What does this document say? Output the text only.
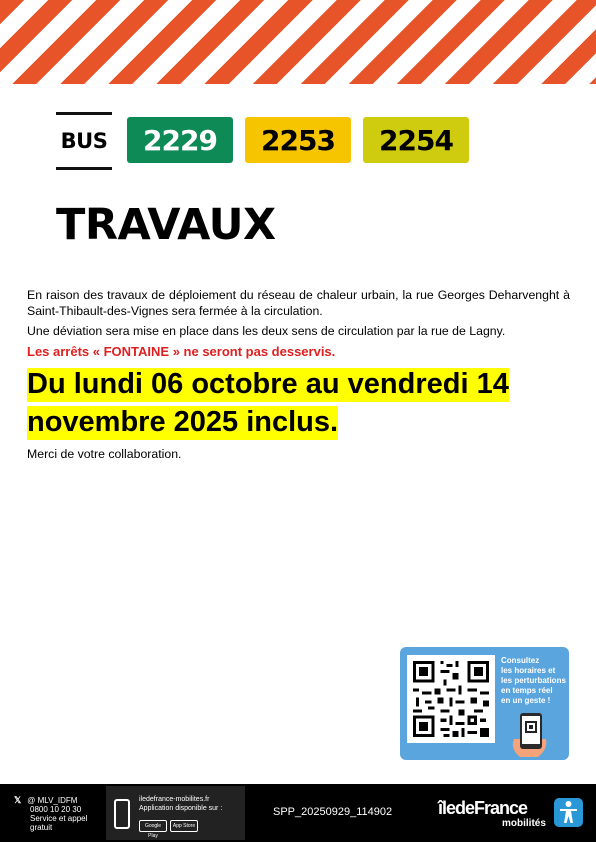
BUS	2229	2253	2254
TRAVAUX

En raison des travaux de déploiement du réseau de chaleur urbain, la rue Georges Deharvenght à Saint-Thibault-des-Vignes sera fermée à la circulation.

Une déviation sera mise en place dans les deux sens de circulation par la rue de Lagny.

Les arrêts « FONTAINE » ne seront pas desservis.

Du lundi 06 octobre au vendredi 14
novembre 2025 inclus.

Merci de votre collaboration.

Consultez
les horaires et
les perturbations
en temps réel
en un geste !
𝕏 @ MLV_IDFM
0800 10 20 30
Service et appel
gratuit
iledefrance-mobilites.fr
Application disponible sur :
Google Play
App Store
SPP_20250929_114902	îledeFrance
mobilités
